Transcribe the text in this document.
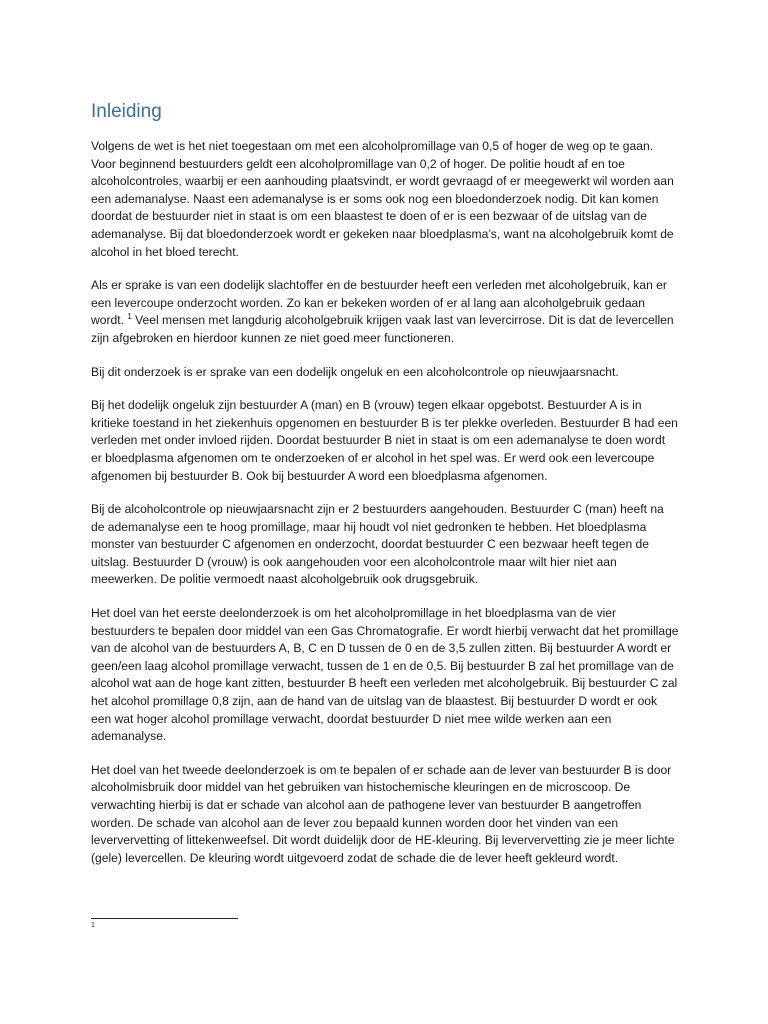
Inleiding

Volgens de wet is het niet toegestaan om met een alcoholpromillage van 0,5 of hoger de weg op te gaan. Voor beginnend bestuurders geldt een alcoholpromillage van 0,2 of hoger. De politie houdt af en toe alcoholcontroles, waarbij er een aanhouding plaatsvindt, er wordt gevraagd of er meegewerkt wil worden aan een ademanalyse. Naast een ademanalyse is er soms ook nog een bloedonderzoek nodig. Dit kan komen doordat de bestuurder niet in staat is om een blaastest te doen of er is een bezwaar of de uitslag van de ademanalyse. Bij dat bloedonderzoek wordt er gekeken naar bloedplasma’s, want na alcoholgebruik komt de alcohol in het bloed terecht.

Als er sprake is van een dodelijk slachtoffer en de bestuurder heeft een verleden met alcoholgebruik, kan er een levercoupe onderzocht worden. Zo kan er bekeken worden of er al lang aan alcoholgebruik gedaan wordt. $^1$ Veel mensen met langdurig alcoholgebruik krijgen vaak last van levercirrose. Dit is dat de levercellen zijn afgebroken en hierdoor kunnen ze niet goed meer functioneren.

Bij dit onderzoek is er sprake van een dodelijk ongeluk en een alcoholcontrole op nieuwjaarsnacht.

Bij het dodelijk ongeluk zijn bestuurder A (man) en B (vrouw) tegen elkaar opgebotst. Bestuurder A is in kritieke toestand in het ziekenhuis opgenomen en bestuurder B is ter plekke overleden. Bestuurder B had een verleden met onder invloed rijden. Doordat bestuurder B niet in staat is om een ademanalyse te doen wordt er bloedplasma afgenomen om te onderzoeken of er alcohol in het spel was. Er werd ook een levercoupe afgenomen bij bestuurder B. Ook bij bestuurder A word een bloedplasma afgenomen.

Bij de alcoholcontrole op nieuwjaarsnacht zijn er 2 bestuurders aangehouden. Bestuurder C (man) heeft na de ademanalyse een te hoog promillage, maar hij houdt vol niet gedronken te hebben. Het bloedplasma monster van bestuurder C afgenomen en onderzocht, doordat bestuurder C een bezwaar heeft tegen de uitslag. Bestuurder D (vrouw) is ook aangehouden voor een alcoholcontrole maar wilt hier niet aan meewerken. De politie vermoedt naast alcoholgebruik ook drugsgebruik.

Het doel van het eerste deelonderzoek is om het alcoholpromillage in het bloedplasma van de vier bestuurders te bepalen door middel van een Gas Chromatografie. Er wordt hierbij verwacht dat het promillage van de alcohol van de bestuurders A, B, C en D tussen de 0 en de 3,5 zullen zitten. Bij bestuurder A wordt er geen/een laag alcohol promillage verwacht, tussen de 1 en de 0,5. Bij bestuurder B zal het promillage van de alcohol wat aan de hoge kant zitten, bestuurder B heeft een verleden met alcoholgebruik. Bij bestuurder C zal het alcohol promillage 0,8 zijn, aan de hand van de uitslag van de blaastest. Bij bestuurder D wordt er ook een wat hoger alcohol promillage verwacht, doordat bestuurder D niet mee wilde werken aan een ademanalyse.

Het doel van het tweede deelonderzoek is om te bepalen of er schade aan de lever van bestuurder B is door alcoholmisbruik door middel van het gebruiken van histochemische kleuringen en de microscoop. De verwachting hierbij is dat er schade van alcohol aan de pathogene lever van bestuurder B aangetroffen worden. De schade van alcohol aan de lever zou bepaald kunnen worden door het vinden van een leververvetting of littekenweefsel. Dit wordt duidelijk door de HE-kleuring. Bij leververvetting zie je meer lichte (gele) levercellen. De kleuring wordt uitgevoerd zodat de schade die de lever heeft gekleurd wordt.

1
